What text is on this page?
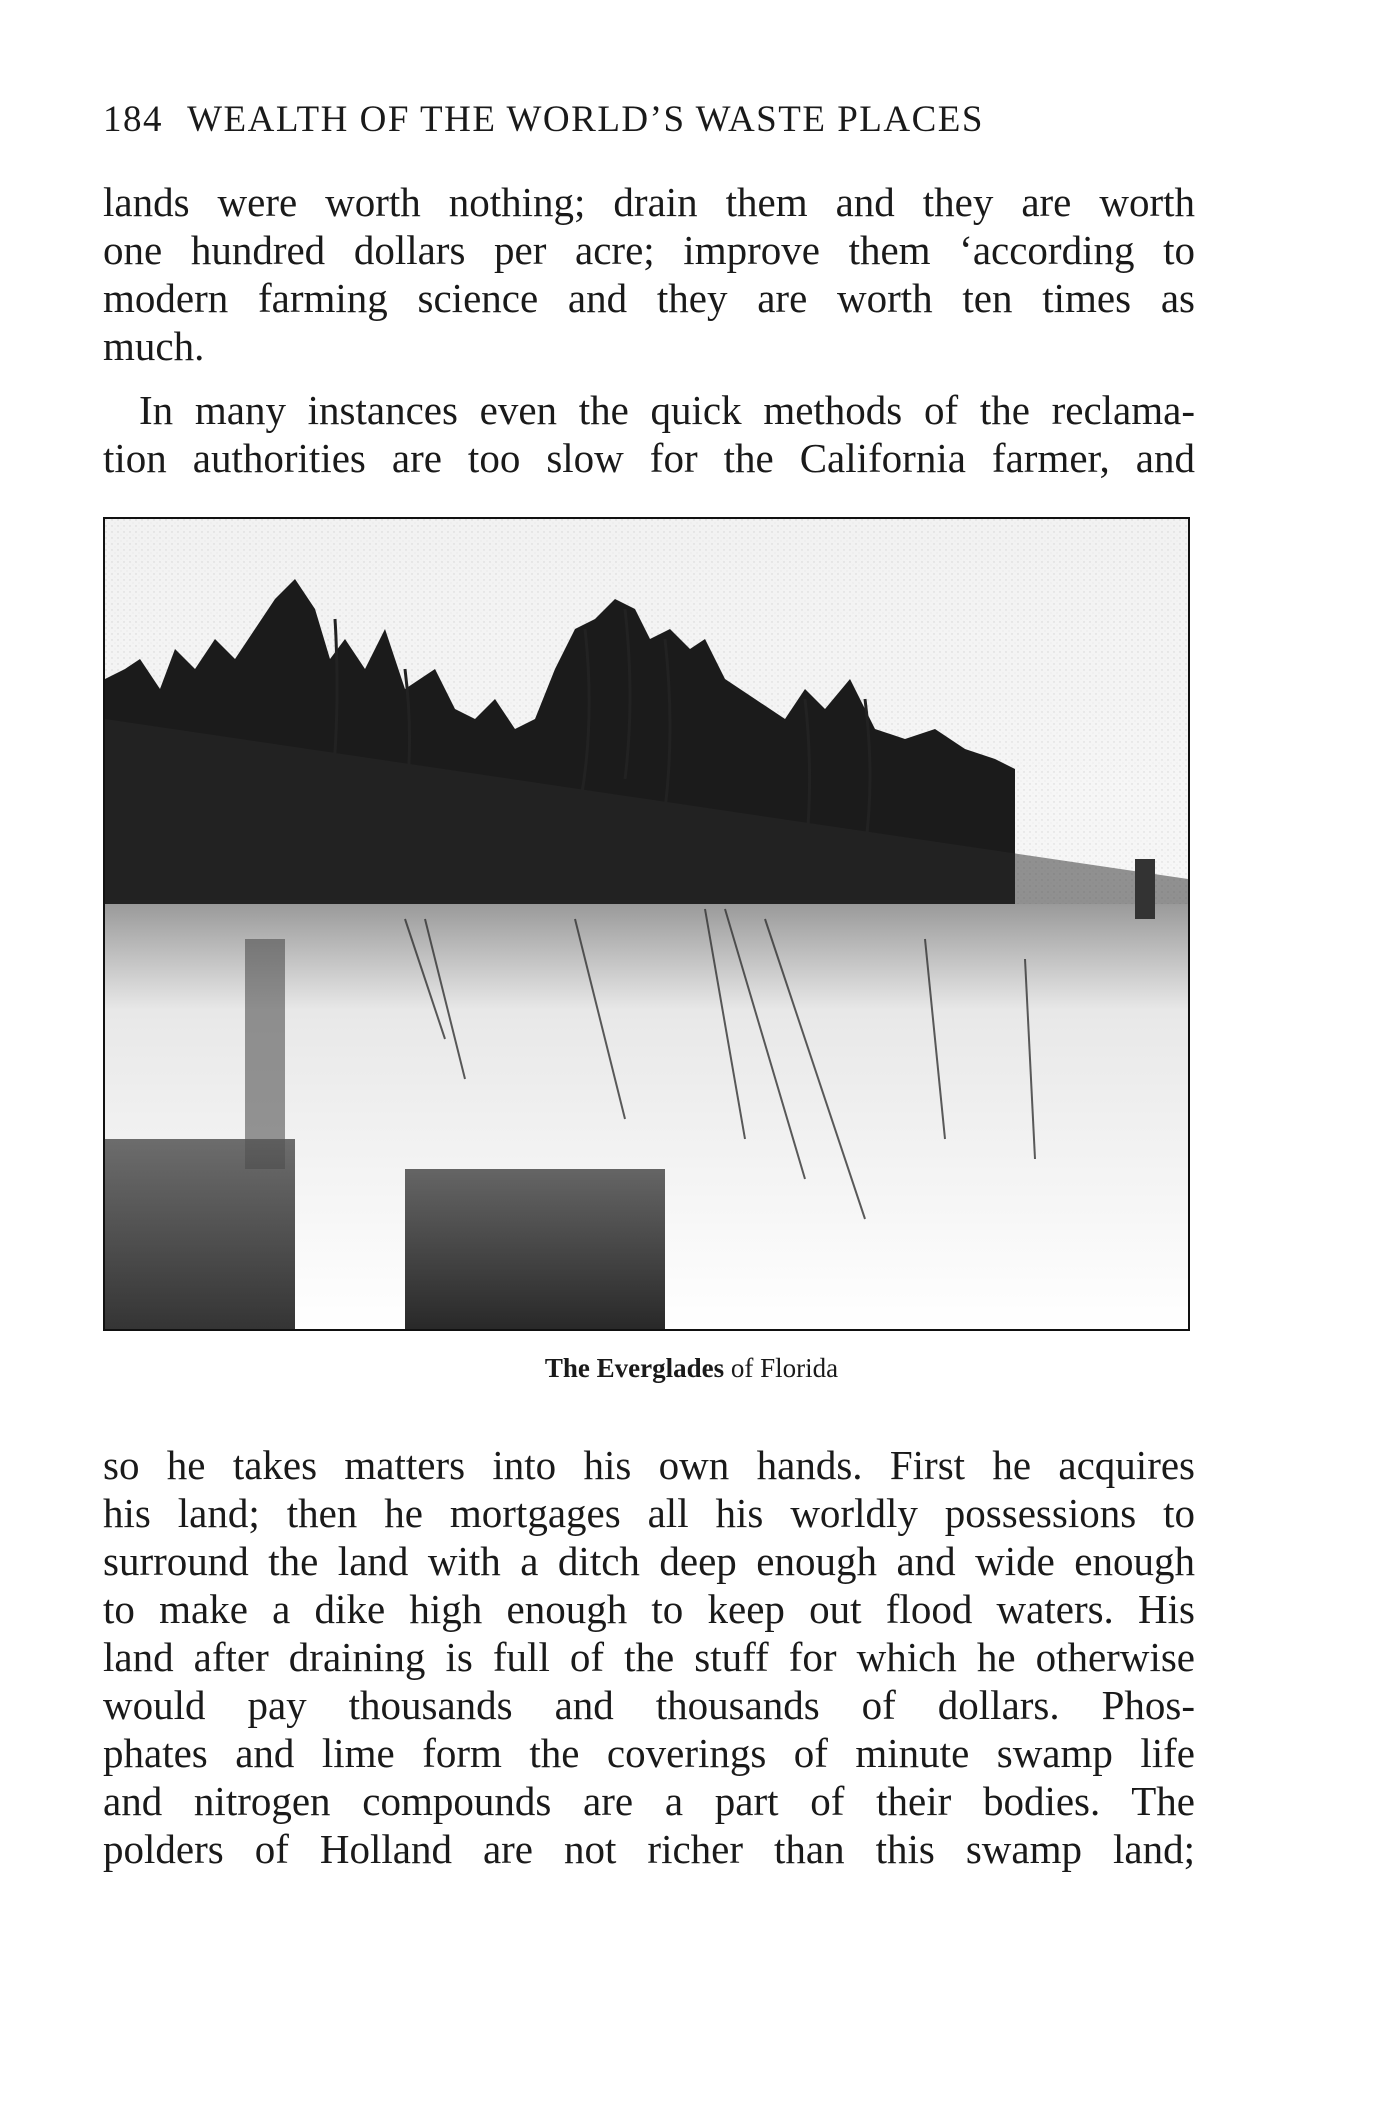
184 WEALTH OF THE WORLD’S WASTE PLACES
lands were worth nothing; drain them and they are worth
one hundred dollars per acre; improve them ‘according to
modern farming science and they are worth ten times as
much.
In many instances even the quick methods of the reclama-
tion authorities are too slow for the California farmer, and
The Everglades of Florida
so he takes matters into his own hands. First he acquires
his land; then he mortgages all his worldly possessions to
surround the land with a ditch deep enough and wide enough
to make a dike high enough to keep out flood waters. His
land after draining is full of the stuff for which he otherwise
would pay thousands and thousands of dollars. Phos-
phates and lime form the coverings of minute swamp life
and nitrogen compounds are a part of their bodies. The
polders of Holland are not richer than this swamp land;
